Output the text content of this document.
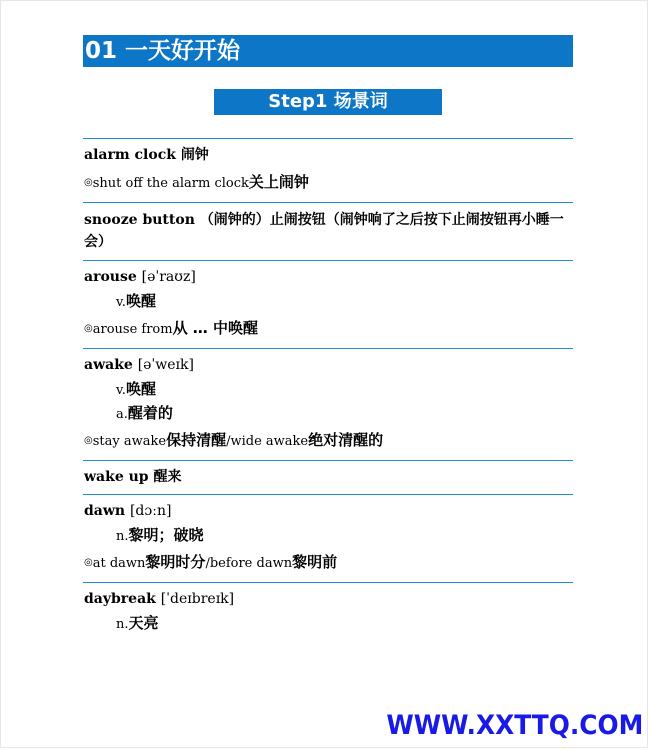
01 一天好开始
Step1 场景词
alarm clock 闹钟
◎shut off the alarm clock关上闹钟
snooze button （闹钟的）止闹按钮（闹钟响了之后按下止闹按钮再小睡一会）
arouse [əˈraʊz]
v.唤醒
◎arouse from从 … 中唤醒
awake [əˈweɪk]
v.唤醒
a.醒着的
◎stay awake保持清醒/wide awake绝对清醒的
wake up 醒来
dawn [dɔːn]
n.黎明；破晓
◎at dawn黎明时分/before dawn黎明前
daybreak [ˈdeɪbreɪk]
n.天亮
WWW.XXTTQ.COM
